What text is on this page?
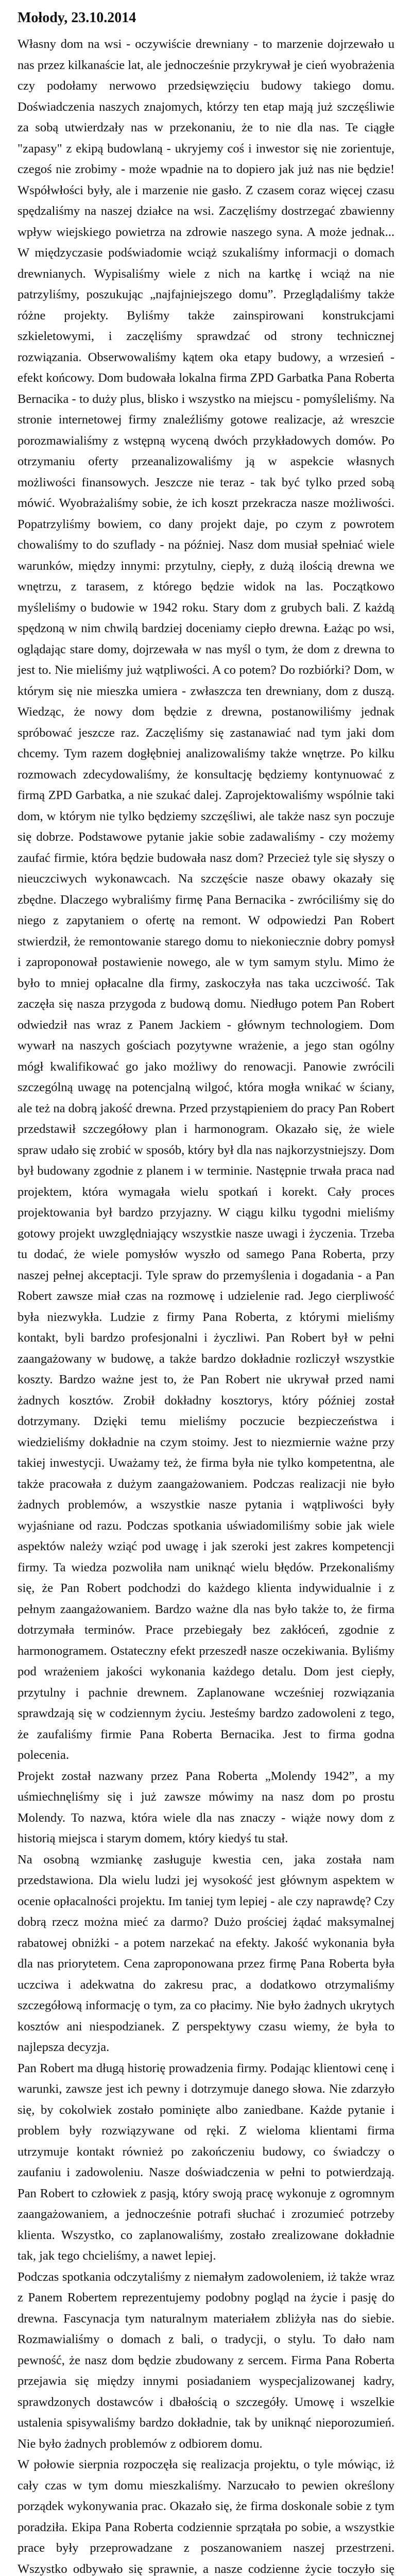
Mołody, 23.10.2014

Własny dom na wsi - oczywiście drewniany - to marzenie dojrzewało u nas przez kilkanaście lat, ale jednocześnie przykrywał je cień wyobrażenia czy podołamy nerwowo przedsięwzięciu budowy takiego domu. Doświadczenia naszych znajomych, którzy ten etap mają już szczęśliwie za sobą utwierdzały nas w przekonaniu, że to nie dla nas. Te ciągłe "zapasy" z ekipą budowlaną - ukryjemy coś i inwestor się nie zorientuje, czegoś nie zrobimy - może wpadnie na to dopiero jak już nas nie będzie! Współwłości były, ale i marzenie nie gasło. Z czasem coraz więcej czasu spędzaliśmy na naszej działce na wsi. Zaczęliśmy dostrzegać zbawienny wpływ wiejskiego powietrza na zdrowie naszego syna. A może jednak... W międzyczasie podświadomie wciąż szukaliśmy informacji o domach drewnianych. Wypisaliśmy wiele z nich na kartkę i wciąż na nie patrzyliśmy, poszukując „najfajniejszego domu”. Przeglądaliśmy także różne projekty. Byliśmy także zainspirowani konstrukcjami szkieletowymi, i zaczęliśmy sprawdzać od strony technicznej rozwiązania. Obserwowaliśmy kątem oka etapy budowy, a wrzesień - efekt końcowy. Dom budowała lokalna firma ZPD Garbatka Pana Roberta Bernacika - to duży plus, blisko i wszystko na miejscu - pomyśleliśmy. Na stronie internetowej firmy znaleźliśmy gotowe realizacje, aż wreszcie porozmawialiśmy z wstępną wyceną dwóch przykładowych domów. Po otrzymaniu oferty przeanalizowaliśmy ją w aspekcie własnych możliwości finansowych. Jeszcze nie teraz - tak być tylko przed sobą mówić. Wyobrażaliśmy sobie, że ich koszt przekracza nasze możliwości. Popatrzyliśmy bowiem, co dany projekt daje, po czym z powrotem chowaliśmy to do szuflady - na później. Nasz dom musiał spełniać wiele warunków, między innymi: przytulny, ciepły, z dużą ilością drewna we wnętrzu, z tarasem, z którego będzie widok na las. Początkowo myśleliśmy o budowie w 1942 roku. Stary dom z grubych bali. Z każdą spędzoną w nim chwilą bardziej doceniamy ciepło drewna. Łażąc po wsi, oglądając stare domy, dojrzewała w nas myśl o tym, że dom z drewna to jest to. Nie mieliśmy już wątpliwości. A co potem? Do rozbiórki? Dom, w którym się nie mieszka umiera - zwłaszcza ten drewniany, dom z duszą. Wiedząc, że nowy dom będzie z drewna, postanowiliśmy jednak spróbować jeszcze raz. Zaczęliśmy się zastanawiać nad tym jaki dom chcemy. Tym razem dogłębniej analizowaliśmy także wnętrze. Po kilku rozmowach zdecydowaliśmy, że konsultację będziemy kontynuować z firmą ZPD Garbatka, a nie szukać dalej. Zaprojektowaliśmy wspólnie taki dom, w którym nie tylko będziemy szczęśliwi, ale także nasz syn poczuje się dobrze. Podstawowe pytanie jakie sobie zadawaliśmy - czy możemy zaufać firmie, która będzie budowała nasz dom? Przecież tyle się słyszy o nieuczciwych wykonawcach. Na szczęście nasze obawy okazały się zbędne. Dlaczego wybraliśmy firmę Pana Bernacika - zwróciliśmy się do niego z zapytaniem o ofertę na remont. W odpowiedzi Pan Robert stwierdził, że remontowanie starego domu to niekoniecznie dobry pomysł i zaproponował postawienie nowego, ale w tym samym stylu. Mimo że było to mniej opłacalne dla firmy, zaskoczyła nas taka uczciwość. Tak zaczęła się nasza przygoda z budową domu. Niedługo potem Pan Robert odwiedził nas wraz z Panem Jackiem - głównym technologiem. Dom wywarł na naszych gościach pozytywne wrażenie, a jego stan ogólny mógł kwalifikować go jako możliwy do renowacji. Panowie zwrócili szczególną uwagę na potencjalną wilgoć, która mogła wnikać w ściany, ale też na dobrą jakość drewna. Przed przystąpieniem do pracy Pan Robert przedstawił szczegółowy plan i harmonogram. Okazało się, że wiele spraw udało się zrobić w sposób, który był dla nas najkorzystniejszy. Dom był budowany zgodnie z planem i w terminie. Następnie trwała praca nad projektem, która wymagała wielu spotkań i korekt. Cały proces projektowania był bardzo przyjazny. W ciągu kilku tygodni mieliśmy gotowy projekt uwzględniający wszystkie nasze uwagi i życzenia. Trzeba tu dodać, że wiele pomysłów wyszło od samego Pana Roberta, przy naszej pełnej akceptacji. Tyle spraw do przemyślenia i dogadania - a Pan Robert zawsze miał czas na rozmowę i udzielenie rad. Jego cierpliwość była niezwykła. Ludzie z firmy Pana Roberta, z którymi mieliśmy kontakt, byli bardzo profesjonalni i życzliwi. Pan Robert był w pełni zaangażowany w budowę, a także bardzo dokładnie rozliczył wszystkie koszty. Bardzo ważne jest to, że Pan Robert nie ukrywał przed nami żadnych kosztów. Zrobił dokładny kosztorys, który później został dotrzymany. Dzięki temu mieliśmy poczucie bezpieczeństwa i wiedzieliśmy dokładnie na czym stoimy. Jest to niezmiernie ważne przy takiej inwestycji. Uważamy też, że firma była nie tylko kompetentna, ale także pracowała z dużym zaangażowaniem. Podczas realizacji nie było żadnych problemów, a wszystkie nasze pytania i wątpliwości były wyjaśniane od razu. Podczas spotkania uświadomiliśmy sobie jak wiele aspektów należy wziąć pod uwagę i jak szeroki jest zakres kompetencji firmy. Ta wiedza pozwoliła nam uniknąć wielu błędów. Przekonaliśmy się, że Pan Robert podchodzi do każdego klienta indywidualnie i z pełnym zaangażowaniem. Bardzo ważne dla nas było także to, że firma dotrzymała terminów. Prace przebiegały bez zakłóceń, zgodnie z harmonogramem. Ostateczny efekt przeszedł nasze oczekiwania. Byliśmy pod wrażeniem jakości wykonania każdego detalu. Dom jest ciepły, przytulny i pachnie drewnem. Zaplanowane wcześniej rozwiązania sprawdzają się w codziennym życiu. Jesteśmy bardzo zadowoleni z tego, że zaufaliśmy firmie Pana Roberta Bernacika. Jest to firma godna polecenia.

Projekt został nazwany przez Pana Roberta „Molendy 1942”, a my uśmiechnęliśmy się i już zawsze mówimy na nasz dom po prostu Molendy. To nazwa, która wiele dla nas znaczy - wiąże nowy dom z historią miejsca i starym domem, który kiedyś tu stał.

Na osobną wzmiankę zasługuje kwestia cen, jaka została nam przedstawiona. Dla wielu ludzi jej wysokość jest głównym aspektem w ocenie opłacalności projektu. Im taniej tym lepiej - ale czy naprawdę? Czy dobrą rzecz można mieć za darmo? Dużo prościej żądać maksymalnej rabatowej obniżki - a potem narzekać na efekty. Jakość wykonania była dla nas priorytetem. Cena zaproponowana przez firmę Pana Roberta była uczciwa i adekwatna do zakresu prac, a dodatkowo otrzymaliśmy szczegółową informację o tym, za co płacimy. Nie było żadnych ukrytych kosztów ani niespodzianek. Z perspektywy czasu wiemy, że była to najlepsza decyzja.

Pan Robert ma długą historię prowadzenia firmy. Podając klientowi cenę i warunki, zawsze jest ich pewny i dotrzymuje danego słowa. Nie zdarzyło się, by cokolwiek zostało pominięte albo zaniedbane. Każde pytanie i problem były rozwiązywane od ręki. Z wieloma klientami firma utrzymuje kontakt również po zakończeniu budowy, co świadczy o zaufaniu i zadowoleniu. Nasze doświadczenia w pełni to potwierdzają. Pan Robert to człowiek z pasją, który swoją pracę wykonuje z ogromnym zaangażowaniem, a jednocześnie potrafi słuchać i zrozumieć potrzeby klienta. Wszystko, co zaplanowaliśmy, zostało zrealizowane dokładnie tak, jak tego chcieliśmy, a nawet lepiej.

Podczas spotkania odczytaliśmy z niemałym zadowoleniem, iż także wraz z Panem Robertem reprezentujemy podobny pogląd na życie i pasję do drewna. Fascynacja tym naturalnym materiałem zbliżyła nas do siebie. Rozmawialiśmy o domach z bali, o tradycji, o stylu. To dało nam pewność, że nasz dom będzie zbudowany z sercem. Firma Pana Roberta przejawia się między innymi posiadaniem wyspecjalizowanej kadry, sprawdzonych dostawców i dbałością o szczegóły. Umowę i wszelkie ustalenia spisywaliśmy bardzo dokładnie, tak by uniknąć nieporozumień. Nie było żadnych problemów z odbiorem domu.

W połowie sierpnia rozpoczęła się realizacja projektu, o tyle mówiąc, iż cały czas w tym domu mieszkaliśmy. Narzucało to pewien określony porządek wykonywania prac. Okazało się, że firma doskonale sobie z tym poradziła. Ekipa Pana Roberta codziennie sprzątała po sobie, a wszystkie prace były przeprowadzane z poszanowaniem naszej przestrzeni. Wszystko odbywało się sprawnie, a nasze codzienne życie toczyło się
